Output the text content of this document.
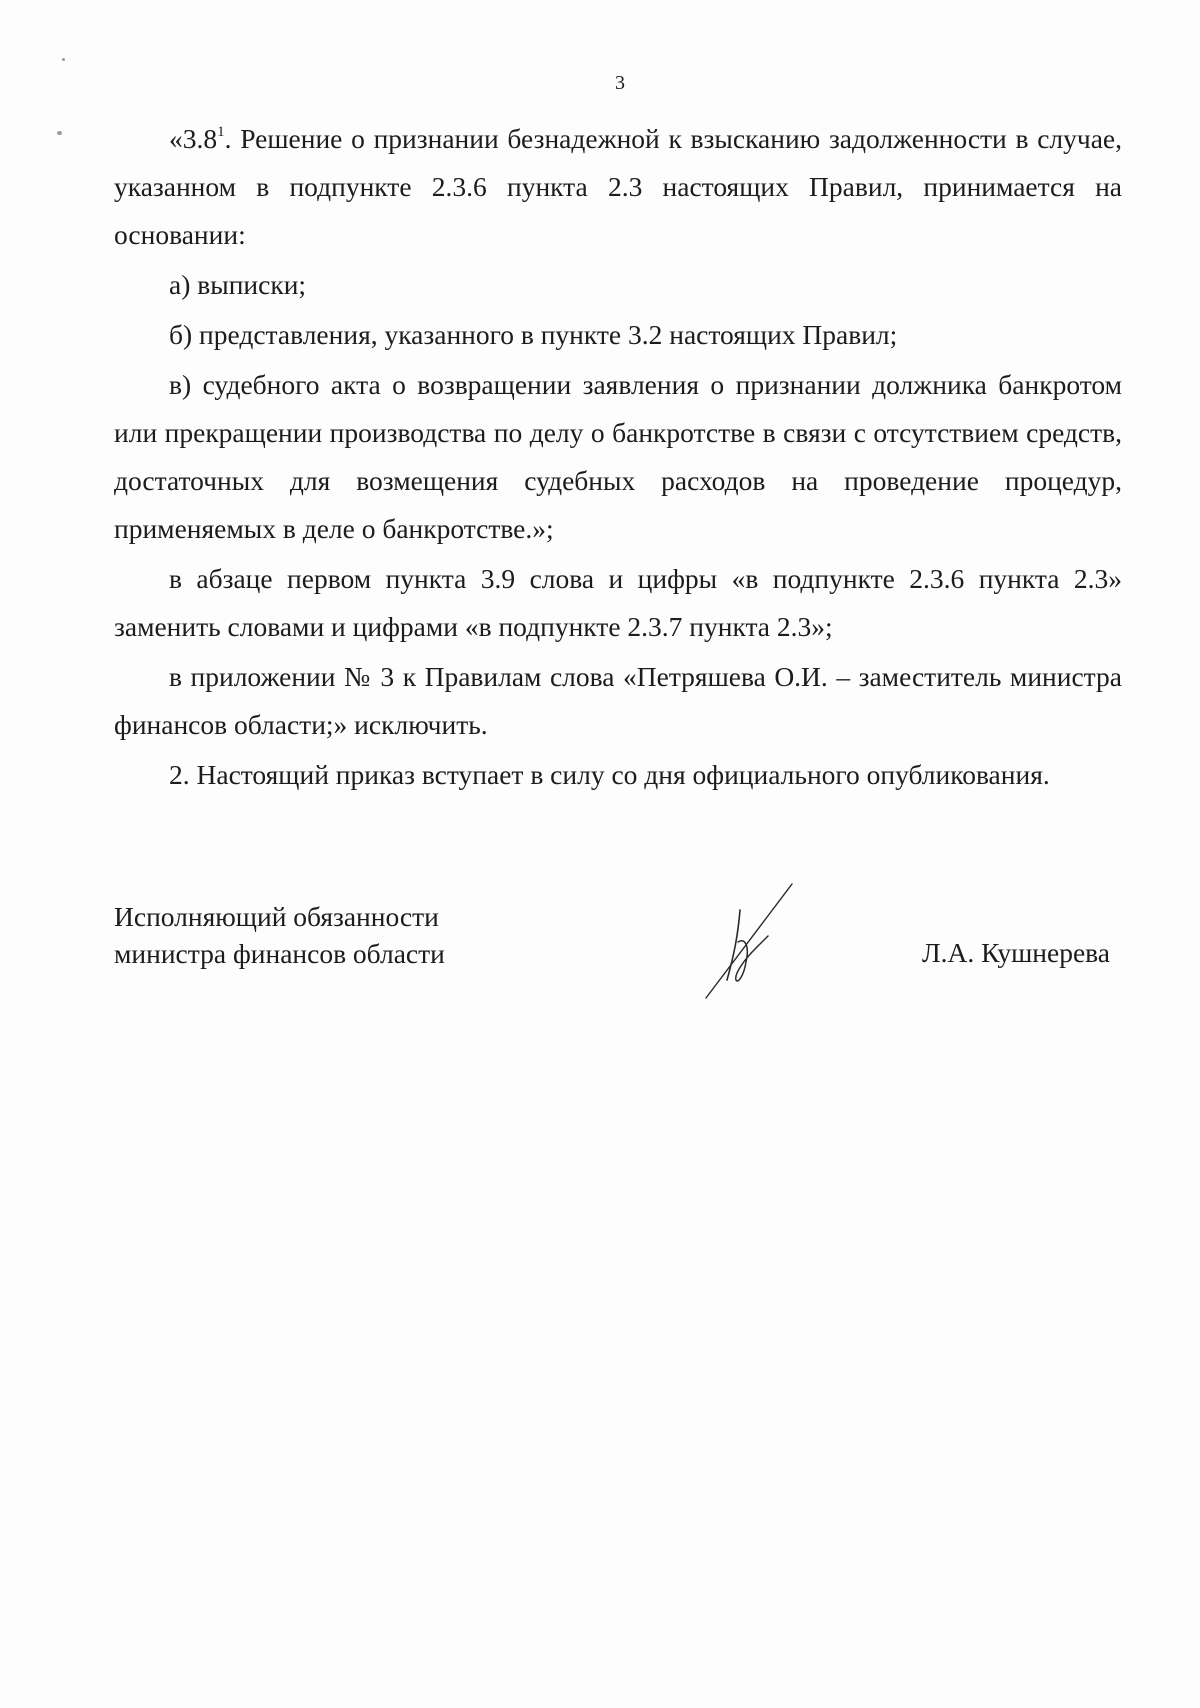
3

«$3.8^1$. Решение о признании безнадежной к взысканию задолженности в случае, указанном в подпункте 2.3.6 пункта 2.3 настоящих Правил, принимается на основании:

а) выписки;

б) представления, указанного в пункте 3.2 настоящих Правил;

в) судебного акта о возвращении заявления о признании должника банкротом или прекращении производства по делу о банкротстве в связи с отсутствием средств, достаточных для возмещения судебных расходов на проведение процедур, применяемых в деле о банкротстве.»;

в абзаце первом пункта 3.9 слова и цифры «в подпункте 2.3.6 пункта 2.3» заменить словами и цифрами «в подпункте 2.3.7 пункта 2.3»;

в приложении № 3 к Правилам слова «Петряшева О.И. – заместитель министра финансов области;» исключить.

2. Настоящий приказ вступает в силу со дня официального опубликования.

Исполняющий обязанности
министра финансов области	Л.А. Кушнерева
